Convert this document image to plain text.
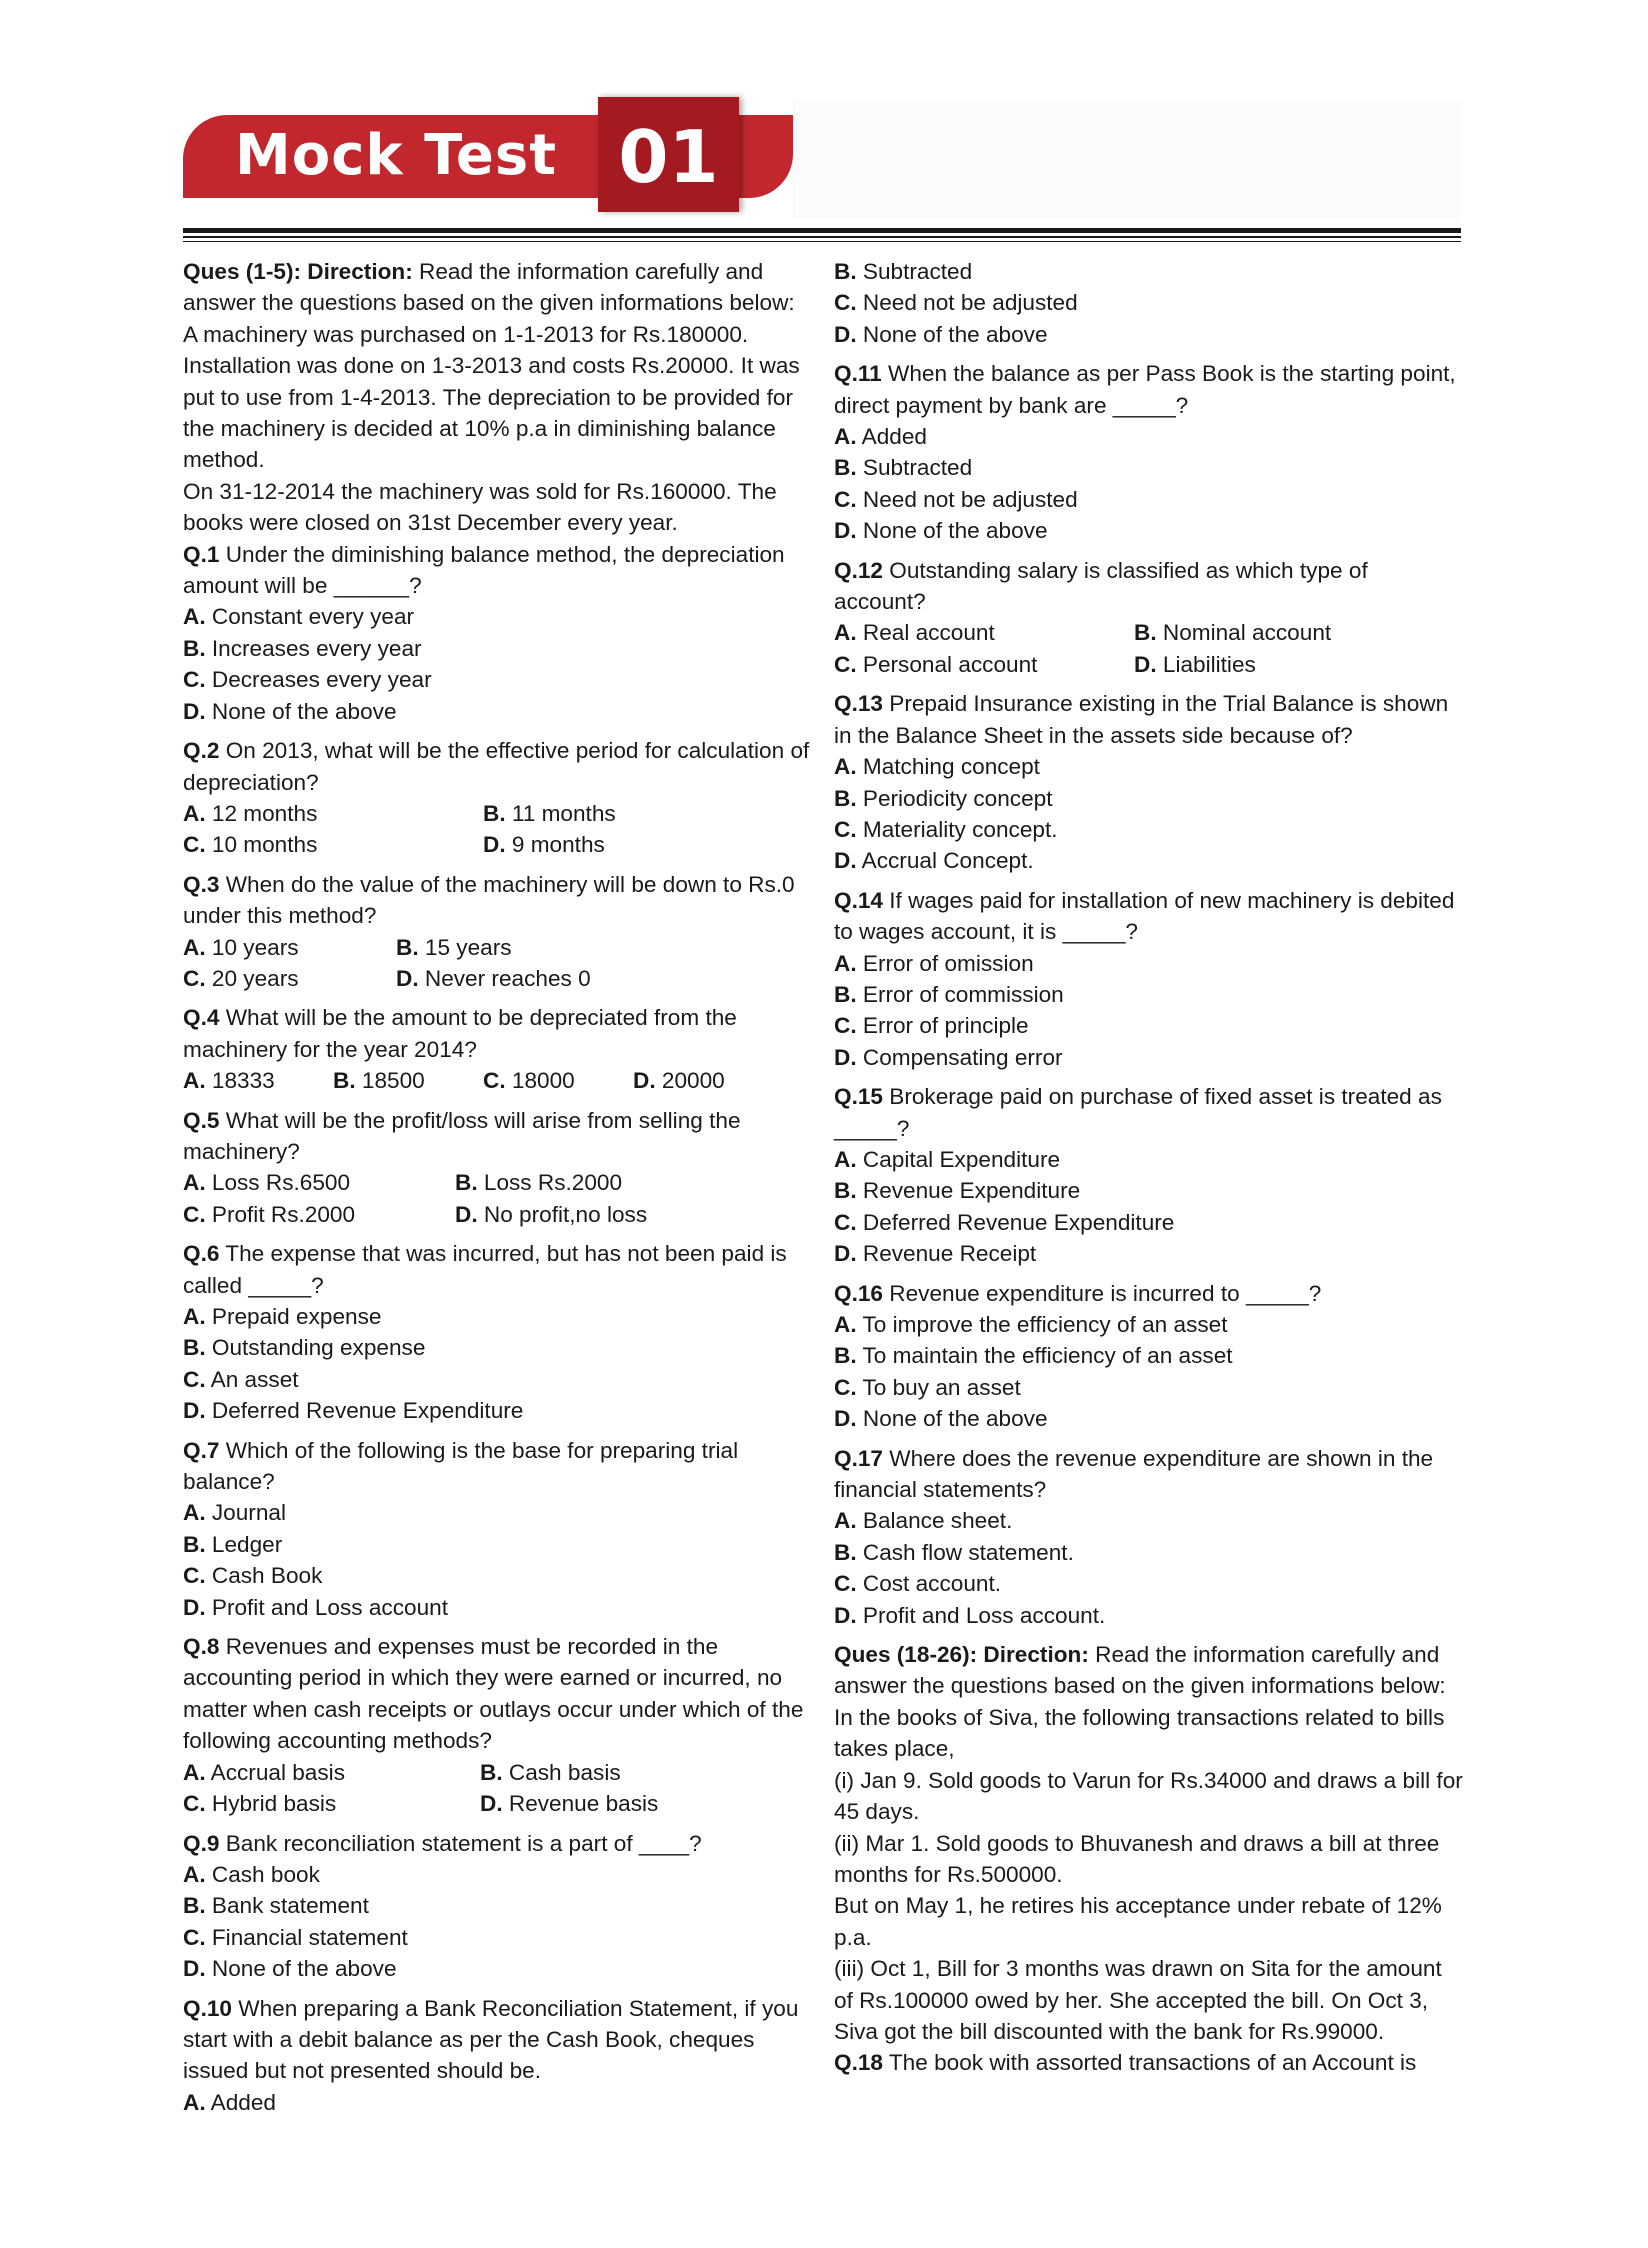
Mock Test 01
Ques (1-5): Direction: Read the information carefully and answer the questions based on the given informations below:
A machinery was purchased on 1-1-2013 for Rs.180000. Installation was done on 1-3-2013 and costs Rs.20000. It was put to use from 1-4-2013. The depreciation to be provided for the machinery is decided at 10% p.a in diminishing balance method.
On 31-12-2014 the machinery was sold for Rs.160000. The books were closed on 31st December every year.
Q.1 Under the diminishing balance method, the depreciation amount will be ______?
A. Constant every year
B. Increases every year
C. Decreases every year
D. None of the above
Q.2 On 2013, what will be the effective period for calculation of depreciation?
A. 12 months	B. 11 months
C. 10 months	D. 9 months
Q.3 When do the value of the machinery will be down to Rs.0 under this method?
A. 10 years	B. 15 years
C. 20 years	D. Never reaches 0
Q.4 What will be the amount to be depreciated from the machinery for the year 2014?
A. 18333	B. 18500	C. 18000	D. 20000
Q.5 What will be the profit/loss will arise from selling the machinery?
A. Loss Rs.6500	B. Loss Rs.2000
C. Profit Rs.2000	D. No profit,no loss
Q.6 The expense that was incurred, but has not been paid is called _____?
A. Prepaid expense
B. Outstanding expense
C. An asset
D. Deferred Revenue Expenditure
Q.7 Which of the following is the base for preparing trial balance?
A. Journal
B. Ledger
C. Cash Book
D. Profit and Loss account
Q.8 Revenues and expenses must be recorded in the accounting period in which they were earned or incurred, no matter when cash receipts or outlays occur under which of the following accounting methods?
A. Accrual basis	B. Cash basis
C. Hybrid basis	D. Revenue basis
Q.9 Bank reconciliation statement is a part of ____?
A. Cash book
B. Bank statement
C. Financial statement
D. None of the above
Q.10 When preparing a Bank Reconciliation Statement, if you start with a debit balance as per the Cash Book, cheques issued but not presented should be.
A. Added
B. Subtracted
C. Need not be adjusted
D. None of the above
Q.11 When the balance as per Pass Book is the starting point, direct payment by bank are _____?
A. Added
B. Subtracted
C. Need not be adjusted
D. None of the above
Q.12 Outstanding salary is classified as which type of account?
A. Real account	B. Nominal account
C. Personal account	D. Liabilities
Q.13 Prepaid Insurance existing in the Trial Balance is shown in the Balance Sheet in the assets side because of?
A. Matching concept
B. Periodicity concept
C. Materiality concept.
D. Accrual Concept.
Q.14 If wages paid for installation of new machinery is debited to wages account, it is _____?
A. Error of omission
B. Error of commission
C. Error of principle
D. Compensating error
Q.15 Brokerage paid on purchase of fixed asset is treated as _____?
A. Capital Expenditure
B. Revenue Expenditure
C. Deferred Revenue Expenditure
D. Revenue Receipt
Q.16 Revenue expenditure is incurred to _____?
A. To improve the efficiency of an asset
B. To maintain the efficiency of an asset
C. To buy an asset
D. None of the above
Q.17 Where does the revenue expenditure are shown in the financial statements?
A. Balance sheet.
B. Cash flow statement.
C. Cost account.
D. Profit and Loss account.
Ques (18-26): Direction: Read the information carefully and answer the questions based on the given informations below:
In the books of Siva, the following transactions related to bills takes place,
(i) Jan 9. Sold goods to Varun for Rs.34000 and draws a bill for 45 days.
(ii) Mar 1. Sold goods to Bhuvanesh and draws a bill at three months for Rs.500000.
But on May 1, he retires his acceptance under rebate of 12% p.a.
(iii) Oct 1, Bill for 3 months was drawn on Sita for the amount of Rs.100000 owed by her. She accepted the bill. On Oct 3, Siva got the bill discounted with the bank for Rs.99000.
Q.18 The book with assorted transactions of an Account is
